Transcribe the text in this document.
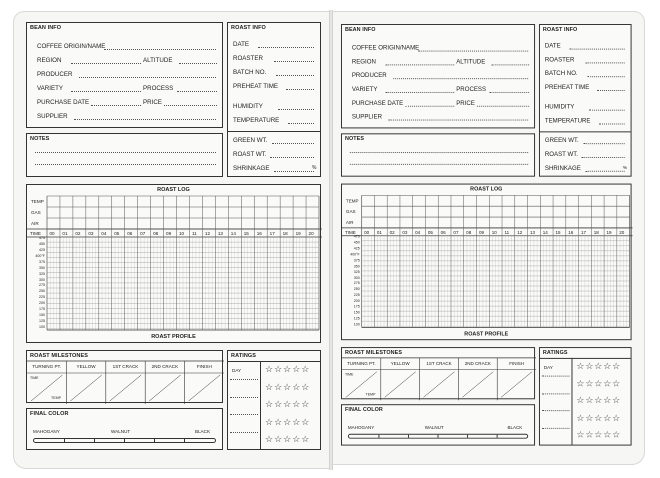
BEAN INFO
COFFEE ORIGIN/NAME
REGION	ALTITUDE
PRODUCER
VARIETY	PROCESS
PURCHASE DATE	PRICE
SUPPLIER
NOTES
ROAST INFO
DATE
ROASTER
BATCH NO.
PREHEAT TIME
HUMIDITY
TEMPERATURE
GREEN WT.
ROAST WT.
SHRINKAGE	%
ROAST LOG
ROAST PROFILE
TEMP
GAS
AIR
TIME 00 01 02 03 04 05 06 07 08 09 10 11 12 13 14 15 16 17 18 19 20
475
450
425
400°F
375
350
325
300
275
250
225
200
175
150
125
100
ROAST MILESTONES
TURNING PT.	YELLOW	1ST CRACK	2ND CRACK	FINISH
TIME
TEMP
FINAL COLOR
MAHOGANY	WALNUT	BLACK
RATINGS
DAY	☆☆☆☆☆
☆☆☆☆☆
☆☆☆☆☆
☆☆☆☆☆
☆☆☆☆☆
BEAN INFO
COFFEE ORIGIN/NAME
REGION	ALTITUDE
PRODUCER
VARIETY	PROCESS
PURCHASE DATE	PRICE
SUPPLIER
NOTES
ROAST INFO
DATE
ROASTER
BATCH NO.
PREHEAT TIME
HUMIDITY
TEMPERATURE
GREEN WT.
ROAST WT.
SHRINKAGE	%
ROAST LOG
ROAST PROFILE
TEMP
GAS
AIR
TIME 00 01 02 03 04 05 06 07 08 09 10 11 12 13 14 15 16 17 18 19 20
475
450
425
400°F
375
350
325
300
275
250
225
200
175
150
125
100
ROAST MILESTONES
TURNING PT.	YELLOW	1ST CRACK	2ND CRACK	FINISH
TIME
TEMP
FINAL COLOR
MAHOGANY	WALNUT	BLACK
RATINGS
DAY	☆☆☆☆☆
☆☆☆☆☆
☆☆☆☆☆
☆☆☆☆☆
☆☆☆☆☆
